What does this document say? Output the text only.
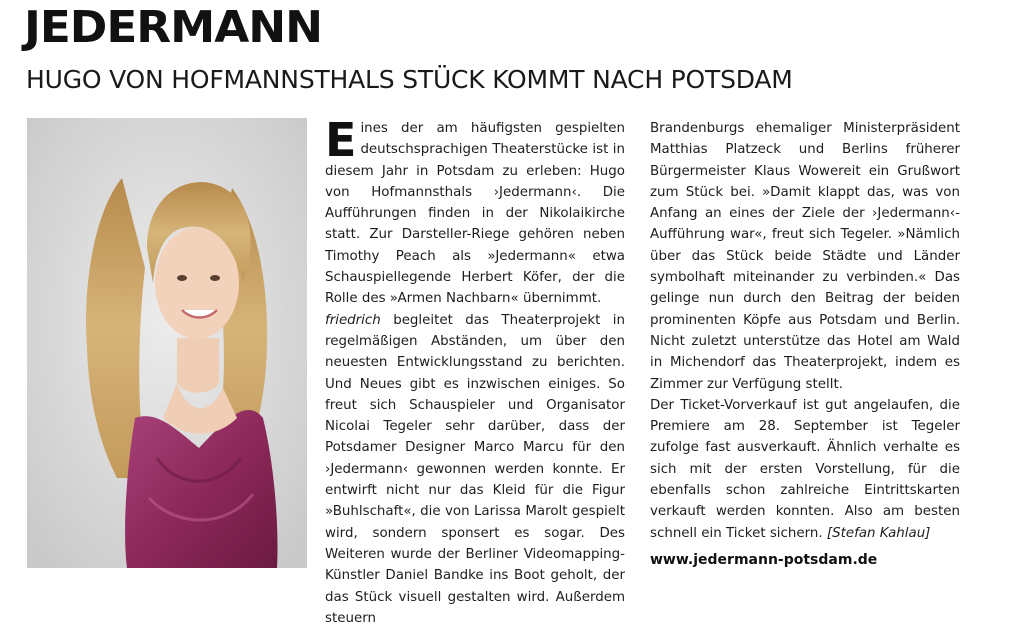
JEDERMANN
HUGO VON HOFMANNSTHALS STÜCK KOMMT NACH POTSDAM

Eines der am häufigsten gespielten deutschsprachigen Theaterstücke ist in diesem Jahr in Potsdam zu erleben: Hugo von Hofmannsthals ›Jedermann‹. Die Aufführungen finden in der Nikolaikirche statt. Zur Darsteller-Riege gehören neben Timothy Peach als »Jedermann« etwa Schauspiellegende Herbert Köfer, der die Rolle des »Armen Nachbarn« übernimmt.

friedrich begleitet das Theaterprojekt in regelmäßigen Abständen, um über den neuesten Entwicklungsstand zu berichten. Und Neues gibt es inzwischen einiges. So freut sich Schauspieler und Organisator Nicolai Tegeler sehr darüber, dass der Potsdamer Designer Marco Marcu für den ›Jedermann‹ gewonnen werden konnte. Er entwirft nicht nur das Kleid für die Figur »Buhlschaft«, die von Larissa Marolt gespielt wird, sondern sponsert es sogar. Des Weiteren wurde der Berliner Videomapping-Künstler Daniel Bandke ins Boot geholt, der das Stück visuell gestalten wird. Außerdem steuern

Brandenburgs ehemaliger Ministerpräsident Matthias Platzeck und Berlins früherer Bürgermeister Klaus Wowereit ein Grußwort zum Stück bei. »Damit klappt das, was von Anfang an eines der Ziele der ›Jedermann‹-Aufführung war«, freut sich Tegeler. »Nämlich über das Stück beide Städte und Länder symbolhaft miteinander zu verbinden.« Das gelinge nun durch den Beitrag der beiden prominenten Köpfe aus Potsdam und Berlin. Nicht zuletzt unterstütze das Hotel am Wald in Michendorf das Theaterprojekt, indem es Zimmer zur Verfügung stellt.

Der Ticket-Vorverkauf ist gut angelaufen, die Premiere am 28. September ist Tegeler zufolge fast ausverkauft. Ähnlich verhalte es sich mit der ersten Vorstellung, für die ebenfalls schon zahlreiche Eintrittskarten verkauft werden konnten. Also am besten schnell ein Ticket sichern. [Stefan Kahlau]

www.jedermann-potsdam.de
